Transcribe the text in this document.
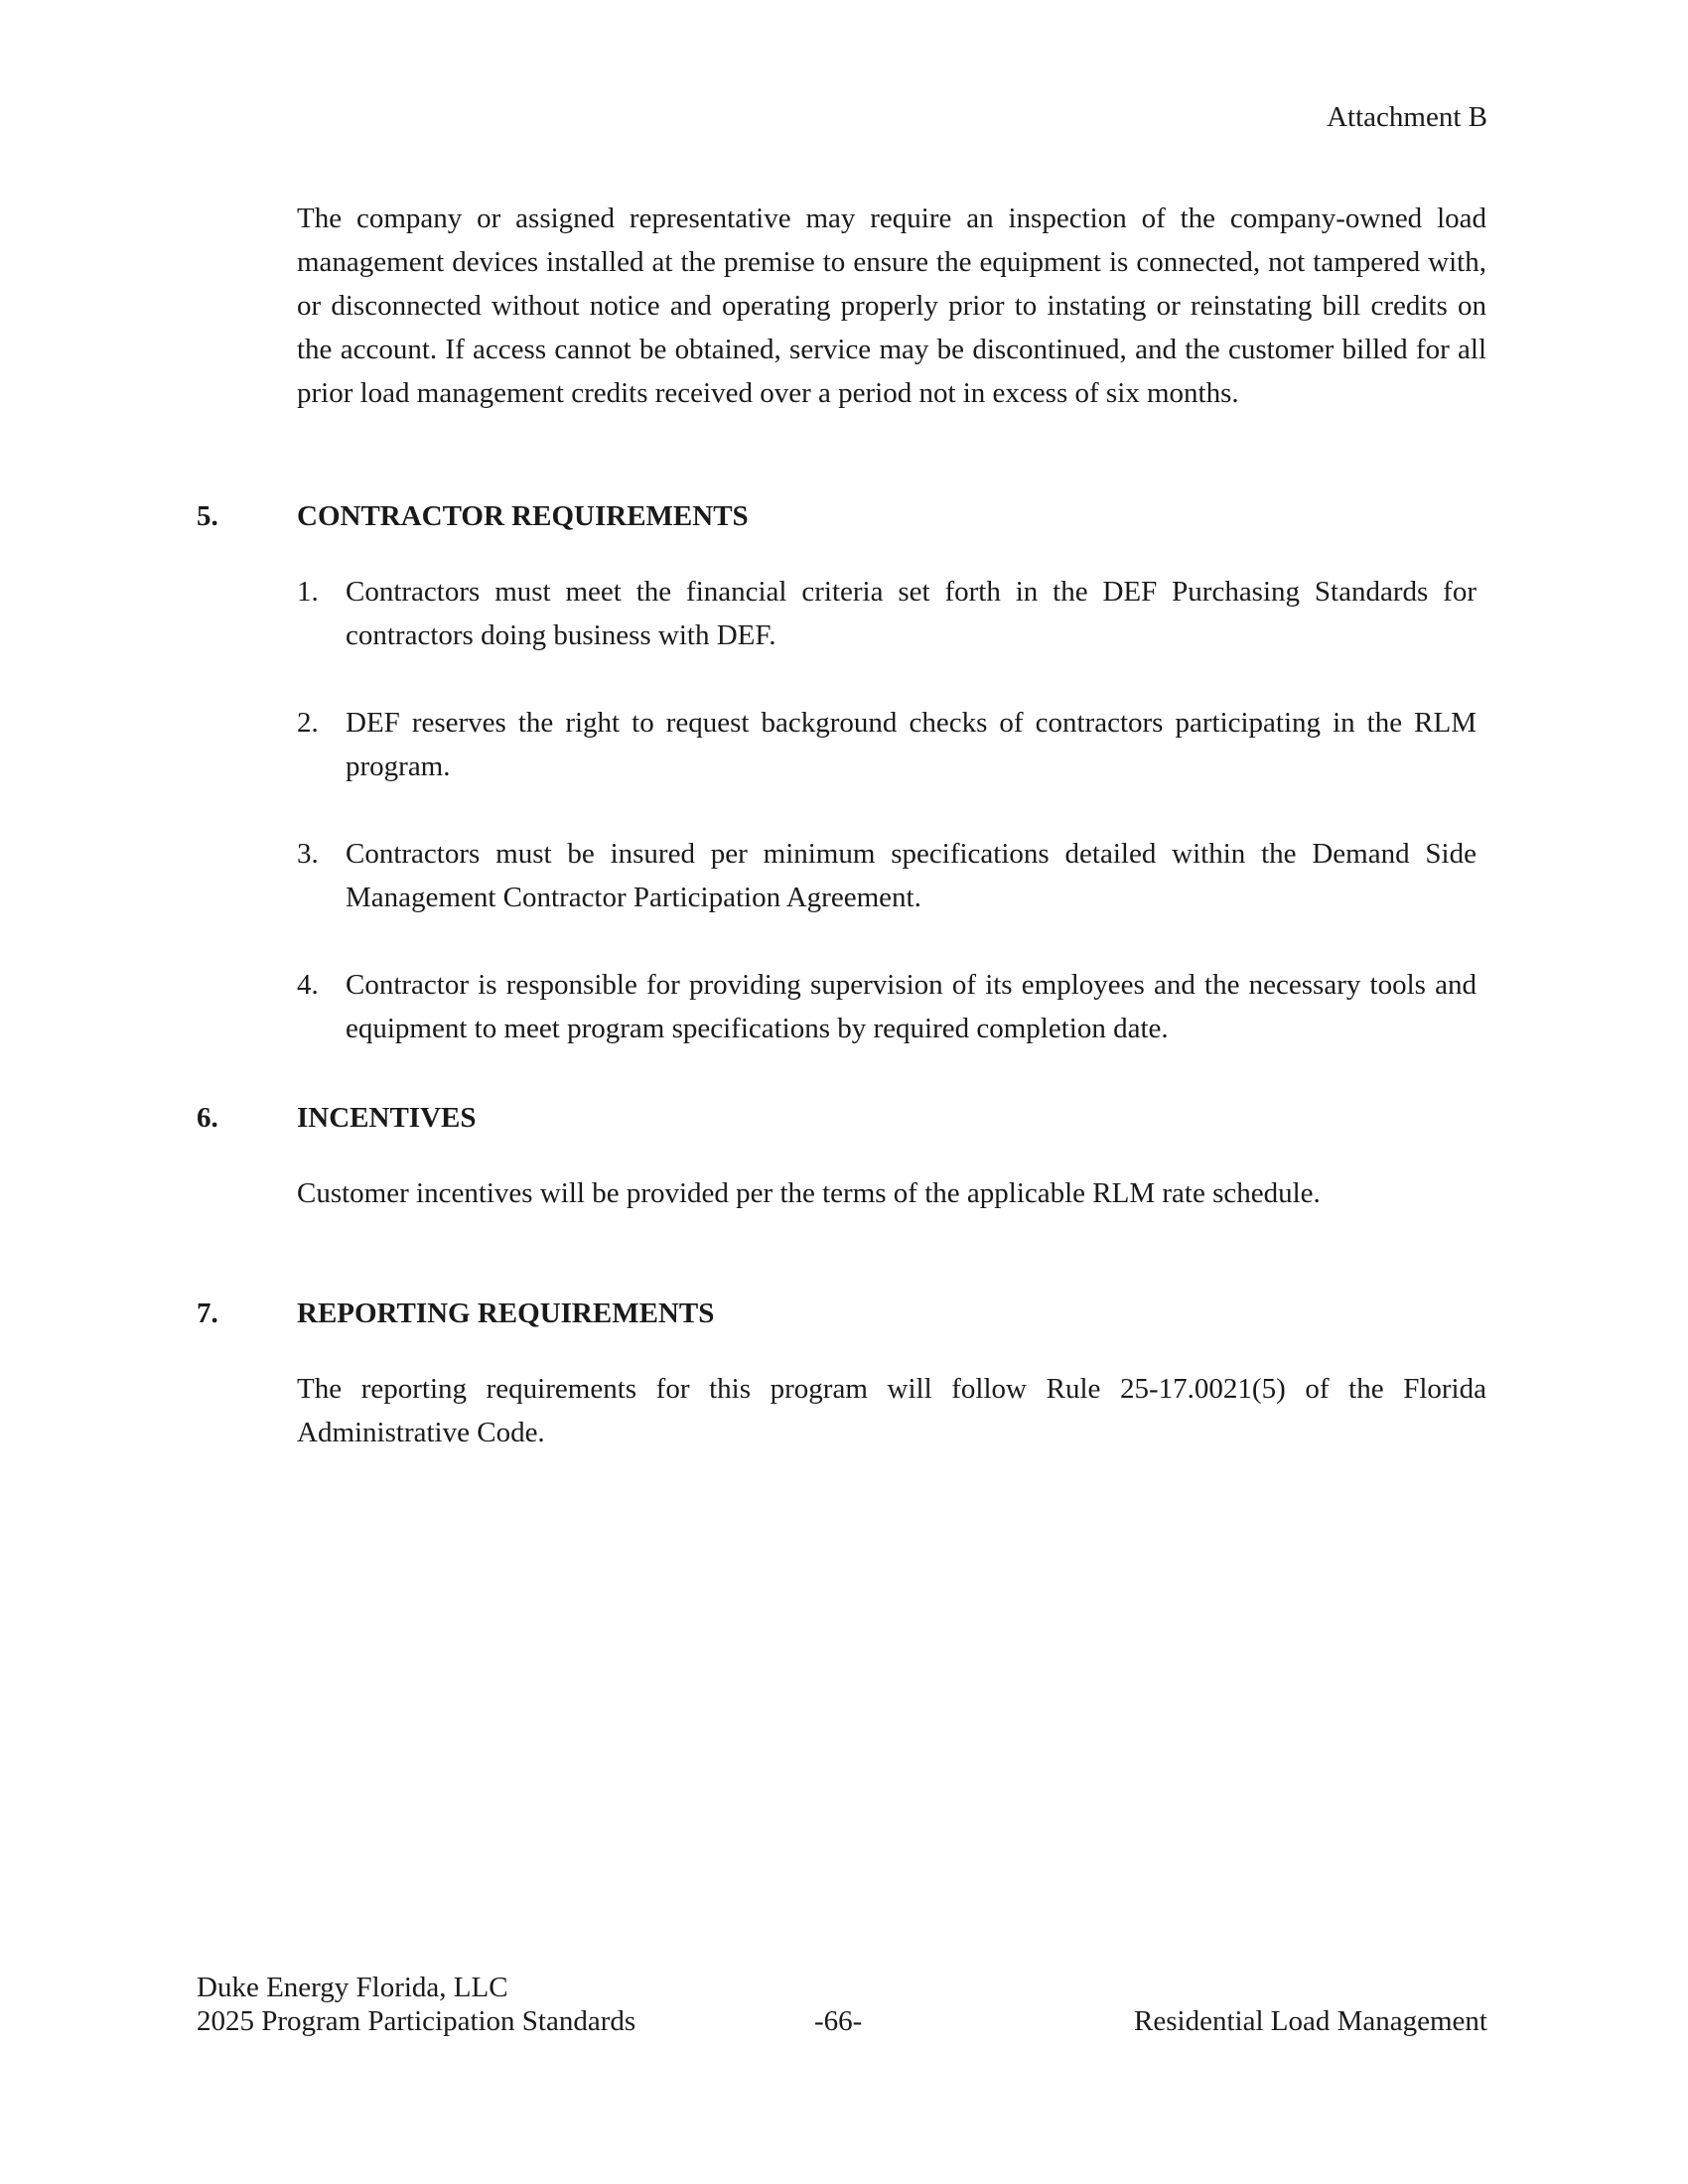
Attachment B

The company or assigned representative may require an inspection of the company-owned load management devices installed at the premise to ensure the equipment is connected, not tampered with, or disconnected without notice and operating properly prior to instating or reinstating bill credits on the account. If access cannot be obtained, service may be discontinued, and the customer billed for all prior load management credits received over a period not in excess of six months.

5.	CONTRACTOR REQUIREMENTS
1. Contractors must meet the financial criteria set forth in the DEF Purchasing Standards for contractors doing business with DEF.
2. DEF reserves the right to request background checks of contractors participating in the RLM program.
3. Contractors must be insured per minimum specifications detailed within the Demand Side Management Contractor Participation Agreement.
4. Contractor is responsible for providing supervision of its employees and the necessary tools and equipment to meet program specifications by required completion date.
6.	INCENTIVES

Customer incentives will be provided per the terms of the applicable RLM rate schedule.

7.	REPORTING REQUIREMENTS

The reporting requirements for this program will follow Rule 25-17.0021(5) of the Florida Administrative Code.

Duke Energy Florida, LLC
2025 Program Participation Standards	-66-	Residential Load Management
